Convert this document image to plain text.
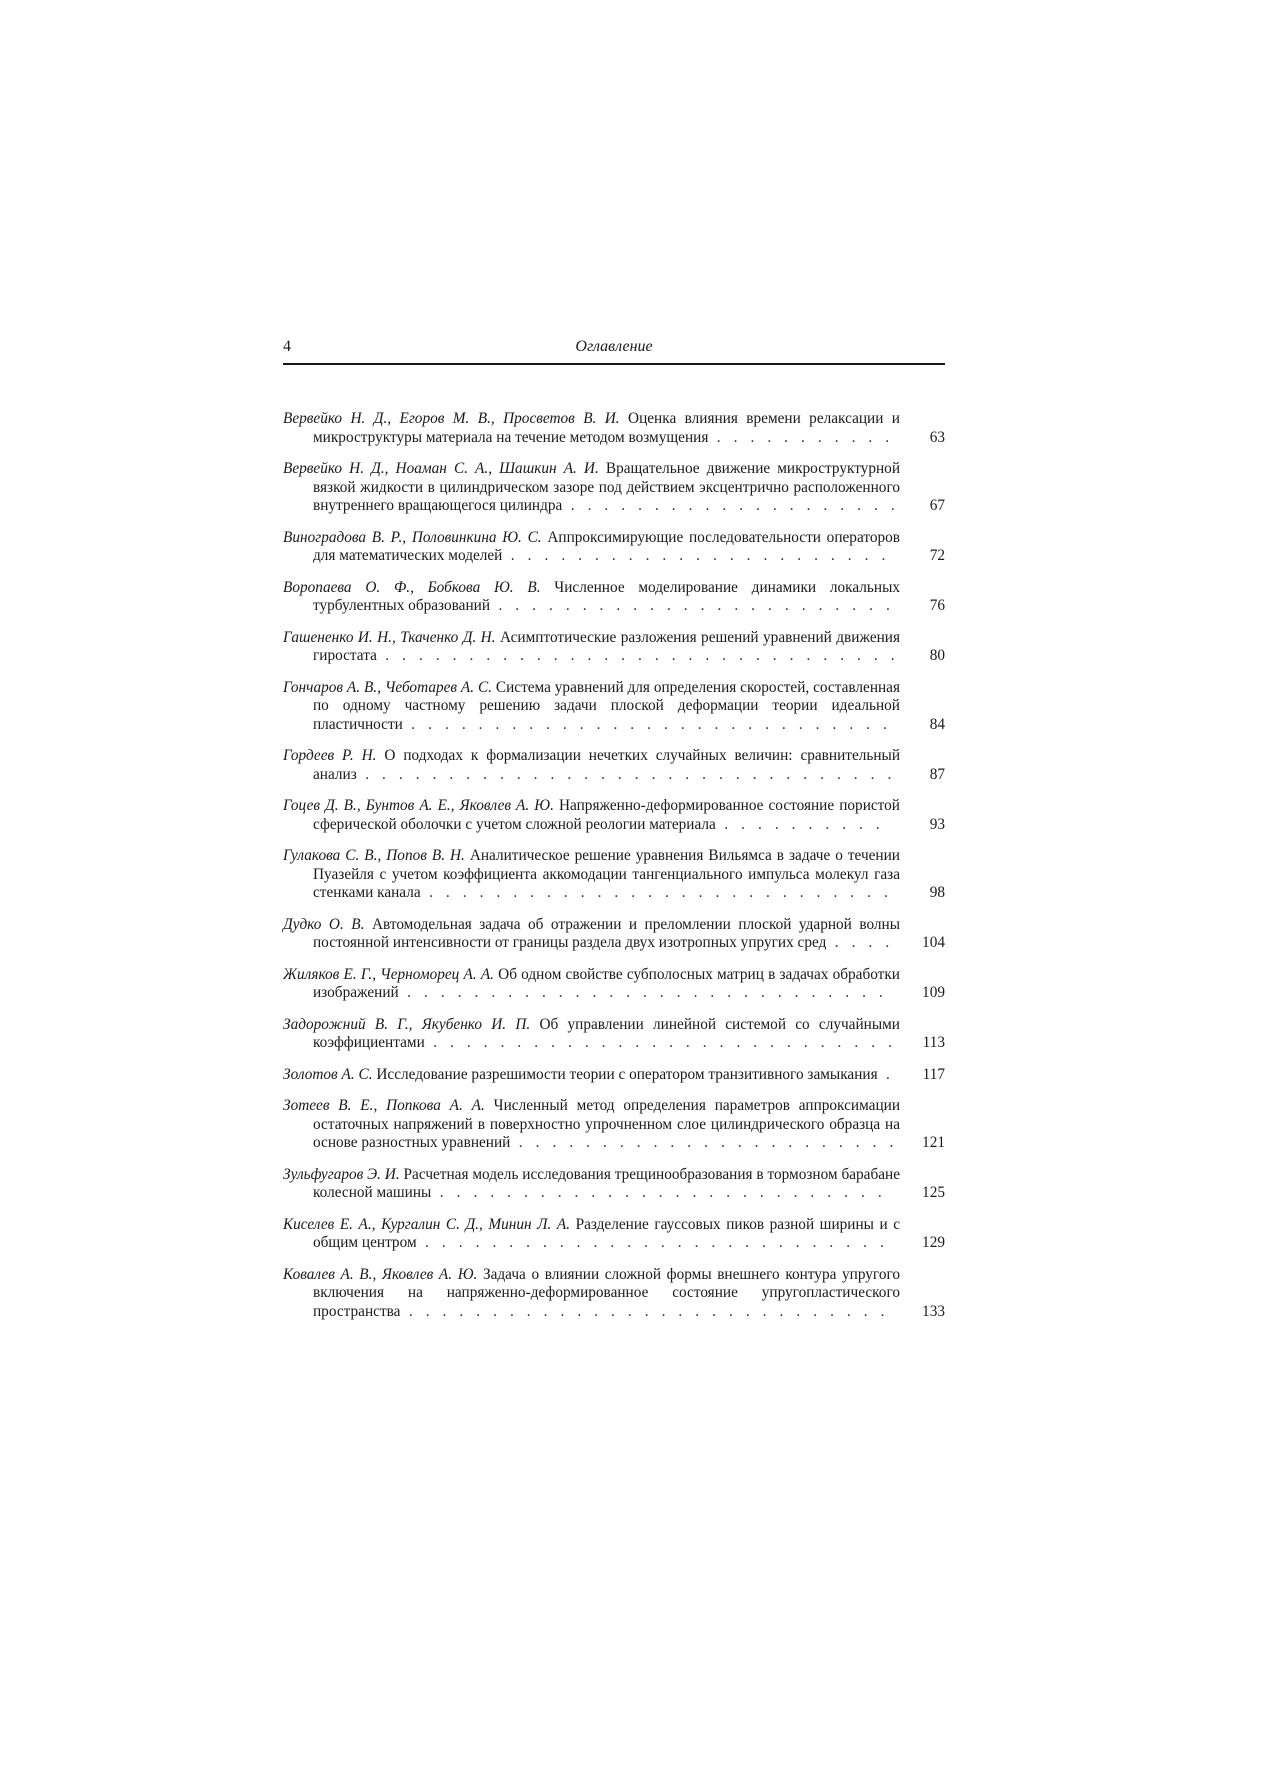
4	Оглавление
Вервейко Н. Д., Егоров М. В., Просветов В. И. Оценка влияния времени релаксации и микроструктуры материала на течение методом возмущения . . . . . . . . . . .	63
Вервейко Н. Д., Ноаман С. А., Шашкин А. И. Вращательное движение микроструктурной вязкой жидкости в цилиндрическом зазоре под действием эксцентрично расположенного внутреннего вращающегося цилиндра . . . . . . . . . . . . . . . . . . . .	67
Виноградова В. Р., Половинкина Ю. С. Аппроксимирующие последовательности операторов для математических моделей . . . . . . . . . . . . . . . . . . . . . . .	72
Воропаева О. Ф., Бобкова Ю. В. Численное моделирование динамики локальных турбулентных образований . . . . . . . . . . . . . . . . . . . . . . . .	76
Гашененко И. Н., Ткаченко Д. Н. Асимптотические разложения решений уравнений движения гиростата . . . . . . . . . . . . . . . . . . . . . . . . . . . . . . .	80
Гончаров А. В., Чеботарев А. С. Система уравнений для определения скоростей, составленная по одному частному решению задачи плоской деформации теории идеальной пластичности . . . . . . . . . . . . . . . . . . . . . . . . . . . . .	84
Гордеев Р. Н. О подходах к формализации нечетких случайных величин: сравнительный анализ . . . . . . . . . . . . . . . . . . . . . . . . . . . . . . . .	87
Гоцев Д. В., Бунтов А. Е., Яковлев А. Ю. Напряженно-деформированное состояние пористой сферической оболочки с учетом сложной реологии материала . . . . . . . . . .	93
Гулакова С. В., Попов В. Н. Аналитическое решение уравнения Вильямса в задаче о течении Пуазейля с учетом коэффициента аккомодации тангенциального импульса молекул газа стенками канала . . . . . . . . . . . . . . . . . . . . . . . . . . . .	98
Дудко О. В. Автомодельная задача об отражении и преломлении плоской ударной волны постоянной интенсивности от границы раздела двух изотропных упругих сред . . . .	104
Жиляков Е. Г., Черноморец А. А. Об одном свойстве субполосных матриц в задачах обработки изображений . . . . . . . . . . . . . . . . . . . . . . . . . . . . .	109
Задорожний В. Г., Якубенко И. П. Об управлении линейной системой со случайными коэффициентами . . . . . . . . . . . . . . . . . . . . . . . . . . . .	113
Золотов А. С. Исследование разрешимости теории с оператором транзитивного замыкания .	117
Зотеев В. Е., Попкова А. А. Численный метод определения параметров аппроксимации остаточных напряжений в поверхностно упрочненном слое цилиндрического образца на основе разностных уравнений . . . . . . . . . . . . . . . . . . . . . . .	121
Зульфугаров Э. И. Расчетная модель исследования трещинообразования в тормозном барабане колесной машины . . . . . . . . . . . . . . . . . . . . . . . . . . .	125
Киселев Е. А., Кургалин С. Д., Минин Л. А. Разделение гауссовых пиков разной ширины и с общим центром . . . . . . . . . . . . . . . . . . . . . . . . . . . .	129
Ковалев А. В., Яковлев А. Ю. Задача о влиянии сложной формы внешнего контура упругого включения на напряженно-деформированное состояние упругопластического пространства . . . . . . . . . . . . . . . . . . . . . . . . . . . . .	133
